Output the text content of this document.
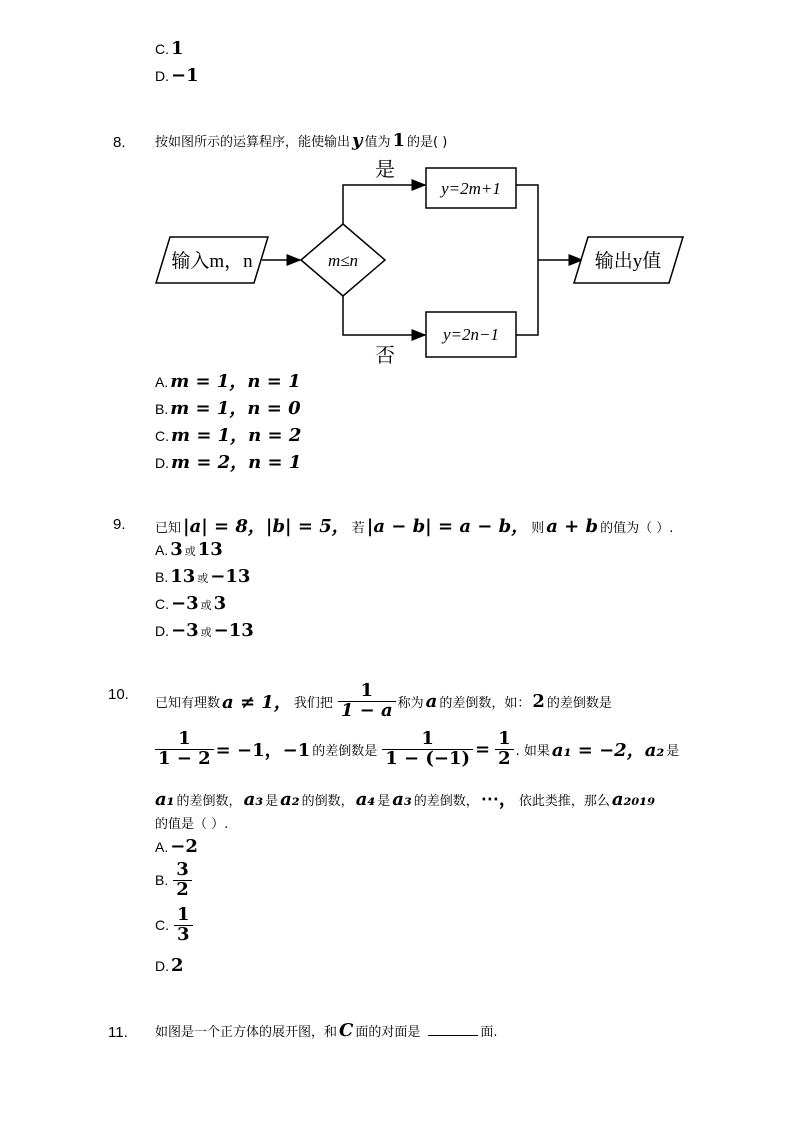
C. 1
D. −1
8. 按如图所示的运算程序，能使输出 y 值为 1 的是( )
输入m，n	m≤n
是
否
y=2m+1
y=2n−1
输出y值
A. m = 1，n = 1
B. m = 1，n = 0
C. m = 1，n = 2
D. m = 2，n = 1
9. 已知 |a| = 8，|b| = 5， 若 |a − b| = a − b， 则 a + b 的值为（ ）.
A. 3 或 13
B. 13 或 −13
C. −3 或 3
D. −3 或 −13
10.
已知有理数 a ≠ 1， 我们把 $\frac{1}{1 - a}$ 称为 a 的差倒数，如： 2 的差倒数是
$\frac{1}{1 - 2} = -1$，−1 的差倒数是 $\frac{1}{1 - (-1)} = \frac{1}{2}$ . 如果 a₁ = −2，a₂ 是
a₁ 的差倒数， a₃ 是 a₂ 的倒数， a₄ 是 a₃ 的差倒数， ⋯， 依此类推，那么 a₂₀₁₉
的值是（ ）.
A. −2
B. $\frac{3}{2}$
C. $\frac{1}{3}$
D. 2
11. 如图是一个正方体的展开图，和 C 面的对面是	面.
